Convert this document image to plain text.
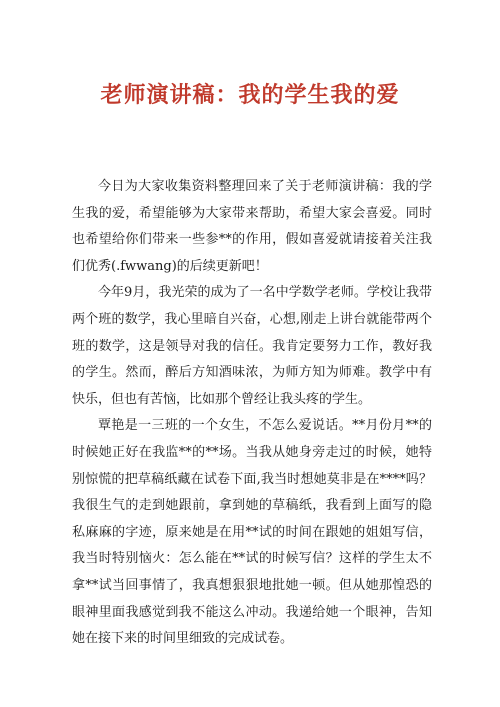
老师演讲稿：我的学生我的爱

今日为大家收集资料整理回来了关于老师演讲稿：我的学生我的爱，希望能够为大家带来帮助，希望大家会喜爱。同时也希望给你们带来一些参**的作用，假如喜爱就请接着关注我们优秀(.fwwang)的后续更新吧！

今年9月，我光荣的成为了一名中学数学老师。学校让我带两个班的数学，我心里暗自兴奋，心想,刚走上讲台就能带两个班的数学，这是领导对我的信任。我肯定要努力工作，教好我的学生。然而，醉后方知酒味浓，为师方知为师难。教学中有快乐，但也有苦恼，比如那个曾经让我头疼的学生。

覃艳是一三班的一个女生，不怎么爱说话。**月份月**的时候她正好在我监**的**场。当我从她身旁走过的时候，她特别惊慌的把草稿纸藏在试卷下面,我当时想她莫非是在****吗？我很生气的走到她跟前，拿到她的草稿纸，我看到上面写的隐私麻麻的字迹，原来她是在用**试的时间在跟她的姐姐写信，我当时特别恼火：怎么能在**试的时候写信？这样的学生太不拿**试当回事情了，我真想狠狠地批她一顿。但从她那惶恐的眼神里面我感觉到我不能这么冲动。我递给她一个眼神，告知她在接下来的时间里细致的完成试卷。
